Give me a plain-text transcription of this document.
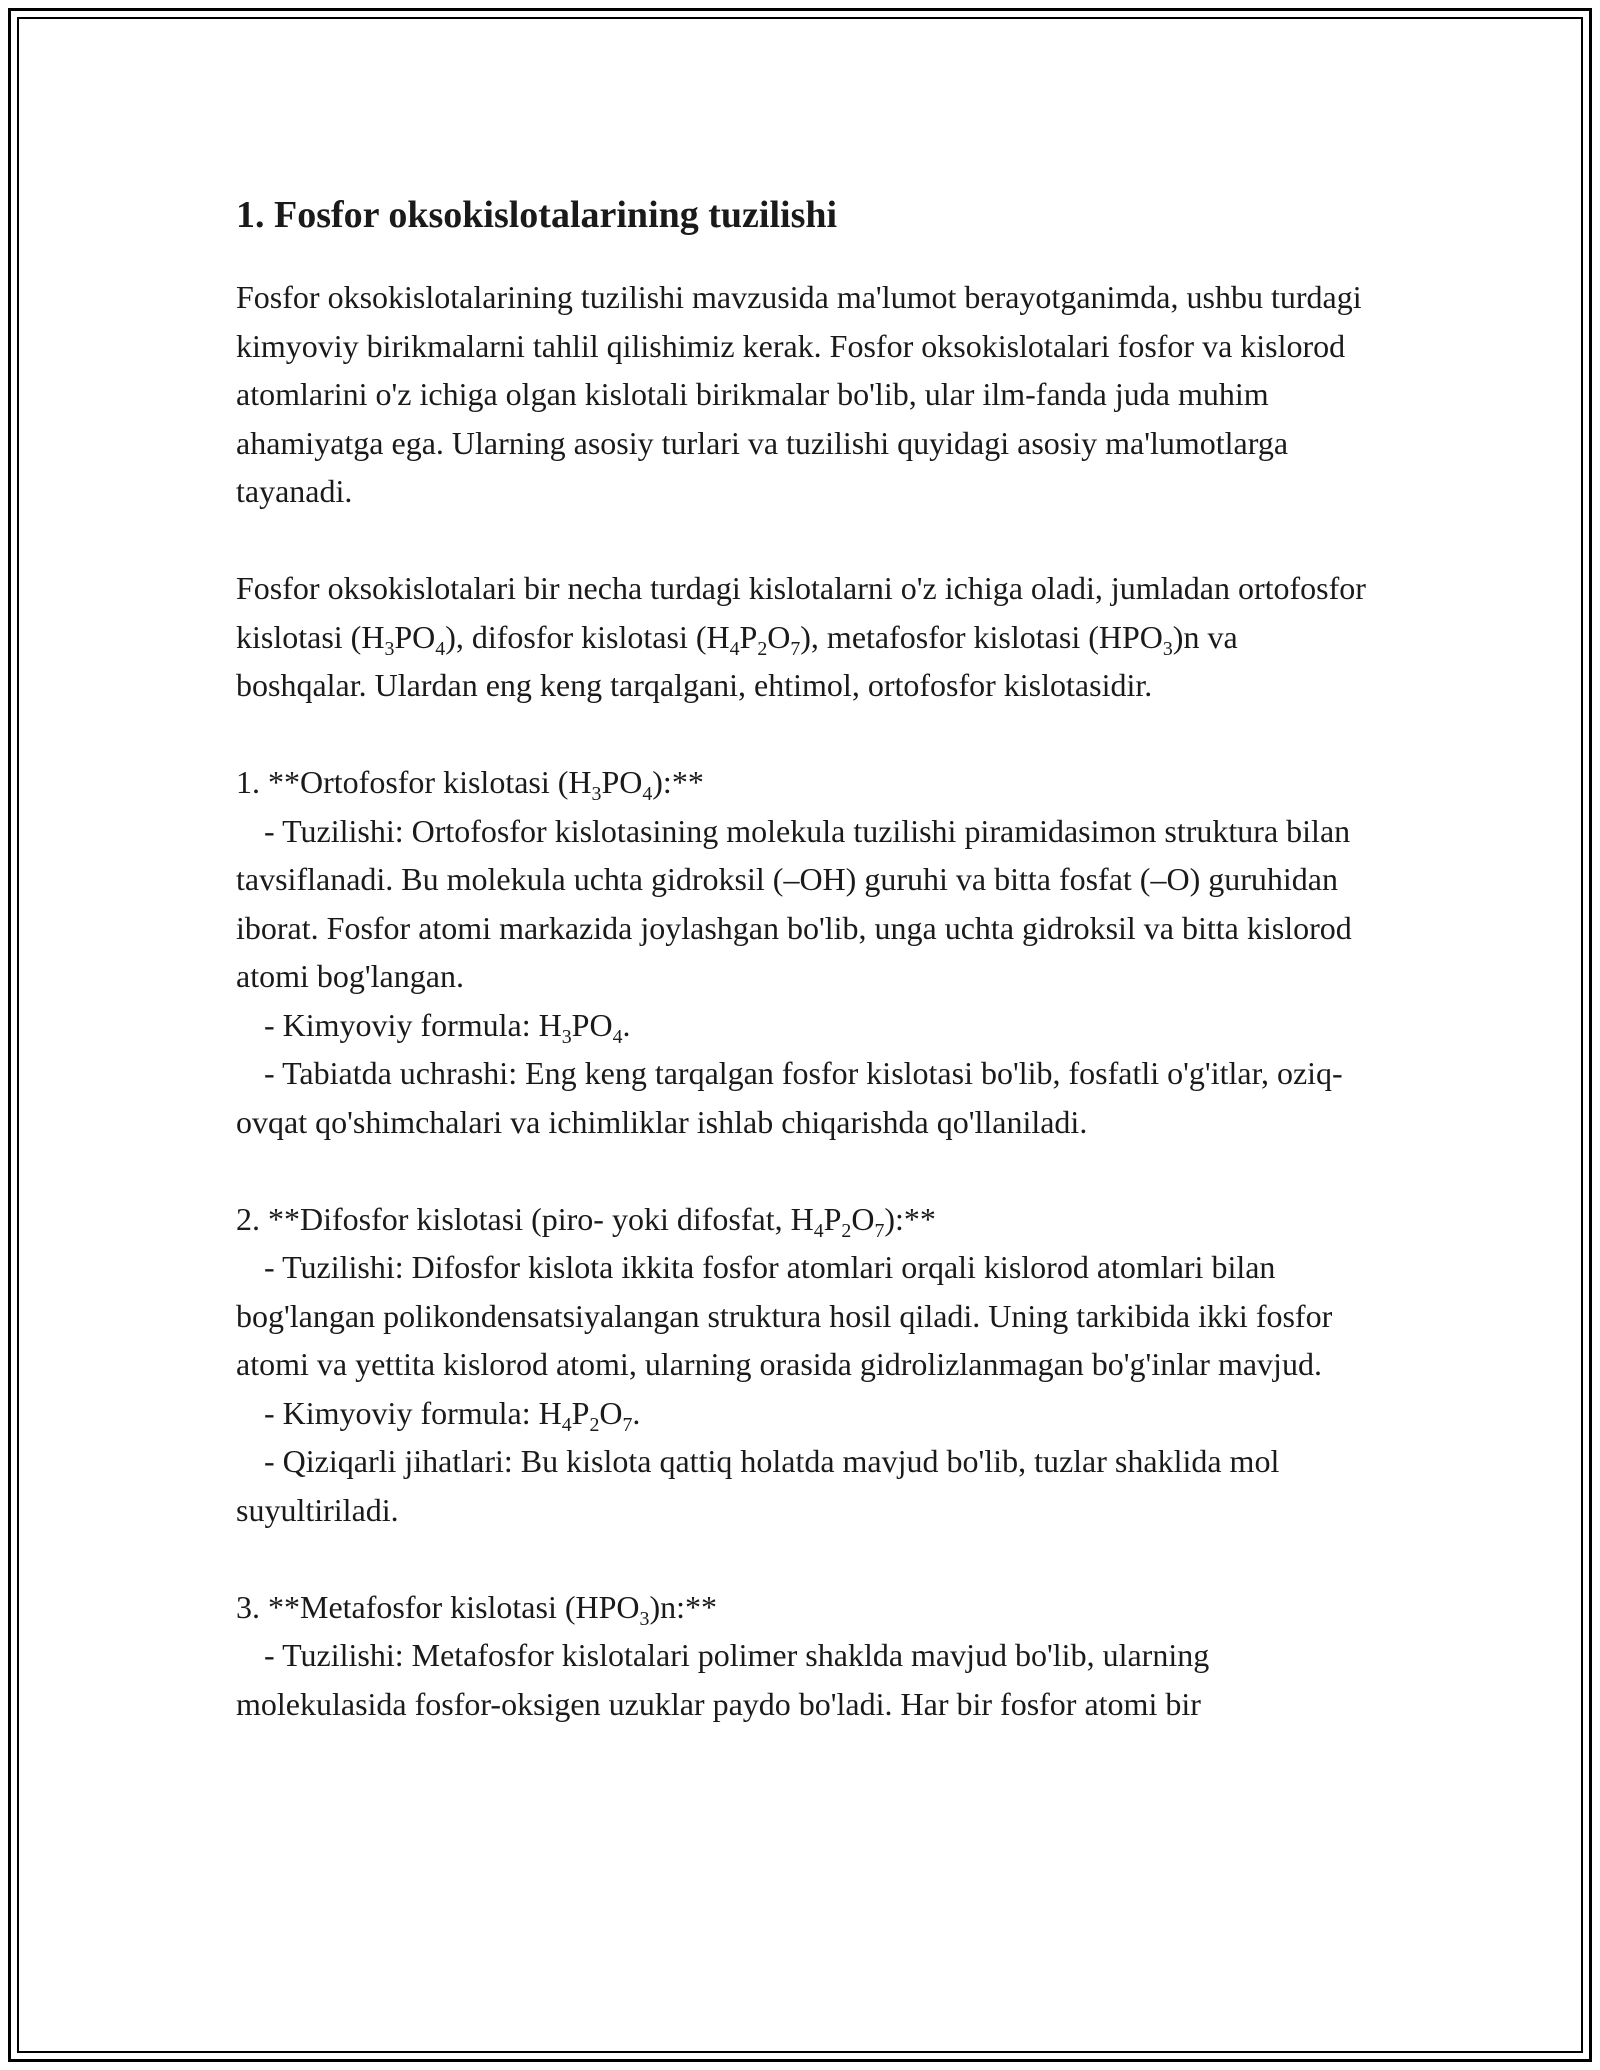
1. Fosfor oksokislotalarining tuzilishi

Fosfor oksokislotalarining tuzilishi mavzusida ma'lumot berayotganimda, ushbu turdagi kimyoviy birikmalarni tahlil qilishimiz kerak. Fosfor oksokislotalari fosfor va kislorod atomlarini o'z ichiga olgan kislotali birikmalar bo'lib, ular ilm-fanda juda muhim ahamiyatga ega. Ularning asosiy turlari va tuzilishi quyidagi asosiy ma'lumotlarga tayanadi.

Fosfor oksokislotalari bir necha turdagi kislotalarni o'z ichiga oladi, jumladan ortofosfor kislotasi $(H_3PO_4)$, difosfor kislotasi $(H_4P_2O_7)$, metafosfor kislotasi $(HPO_3)n$ va boshqalar. Ulardan eng keng tarqalgani, ehtimol, ortofosfor kislotasidir.

1. **Ortofosfor kislotasi $(H_3PO_4):**$

- Tuzilishi: Ortofosfor kislotasining molekula tuzilishi piramidasimon struktura bilan tavsiflanadi. Bu molekula uchta gidroksil (–OH) guruhi va bitta fosfat (–O) guruhidan iborat. Fosfor atomi markazida joylashgan bo'lib, unga uchta gidroksil va bitta kislorod atomi bog'langan.

- Kimyoviy formula: $H_3PO_4$.

- Tabiatda uchrashi: Eng keng tarqalgan fosfor kislotasi bo'lib, fosfatli o'g'itlar, oziq-ovqat qo'shimchalari va ichimliklar ishlab chiqarishda qo'llaniladi.

2. **Difosfor kislotasi (piro- yoki difosfat, $H_4P_2O_7):**$

- Tuzilishi: Difosfor kislota ikkita fosfor atomlari orqali kislorod atomlari bilan bog'langan polikondensatsiyalangan struktura hosil qiladi. Uning tarkibida ikki fosfor atomi va yettita kislorod atomi, ularning orasida gidrolizlanmagan bo'g'inlar mavjud.

- Kimyoviy formula: $H_4P_2O_7$.

- Qiziqarli jihatlari: Bu kislota qattiq holatda mavjud bo'lib, tuzlar shaklida mol suyultiriladi.

3. **Metafosfor kislotasi $(HPO_3)n:**$

- Tuzilishi: Metafosfor kislotalari polimer shaklda mavjud bo'lib, ularning molekulasida fosfor-oksigen uzuklar paydo bo'ladi. Har bir fosfor atomi bir
